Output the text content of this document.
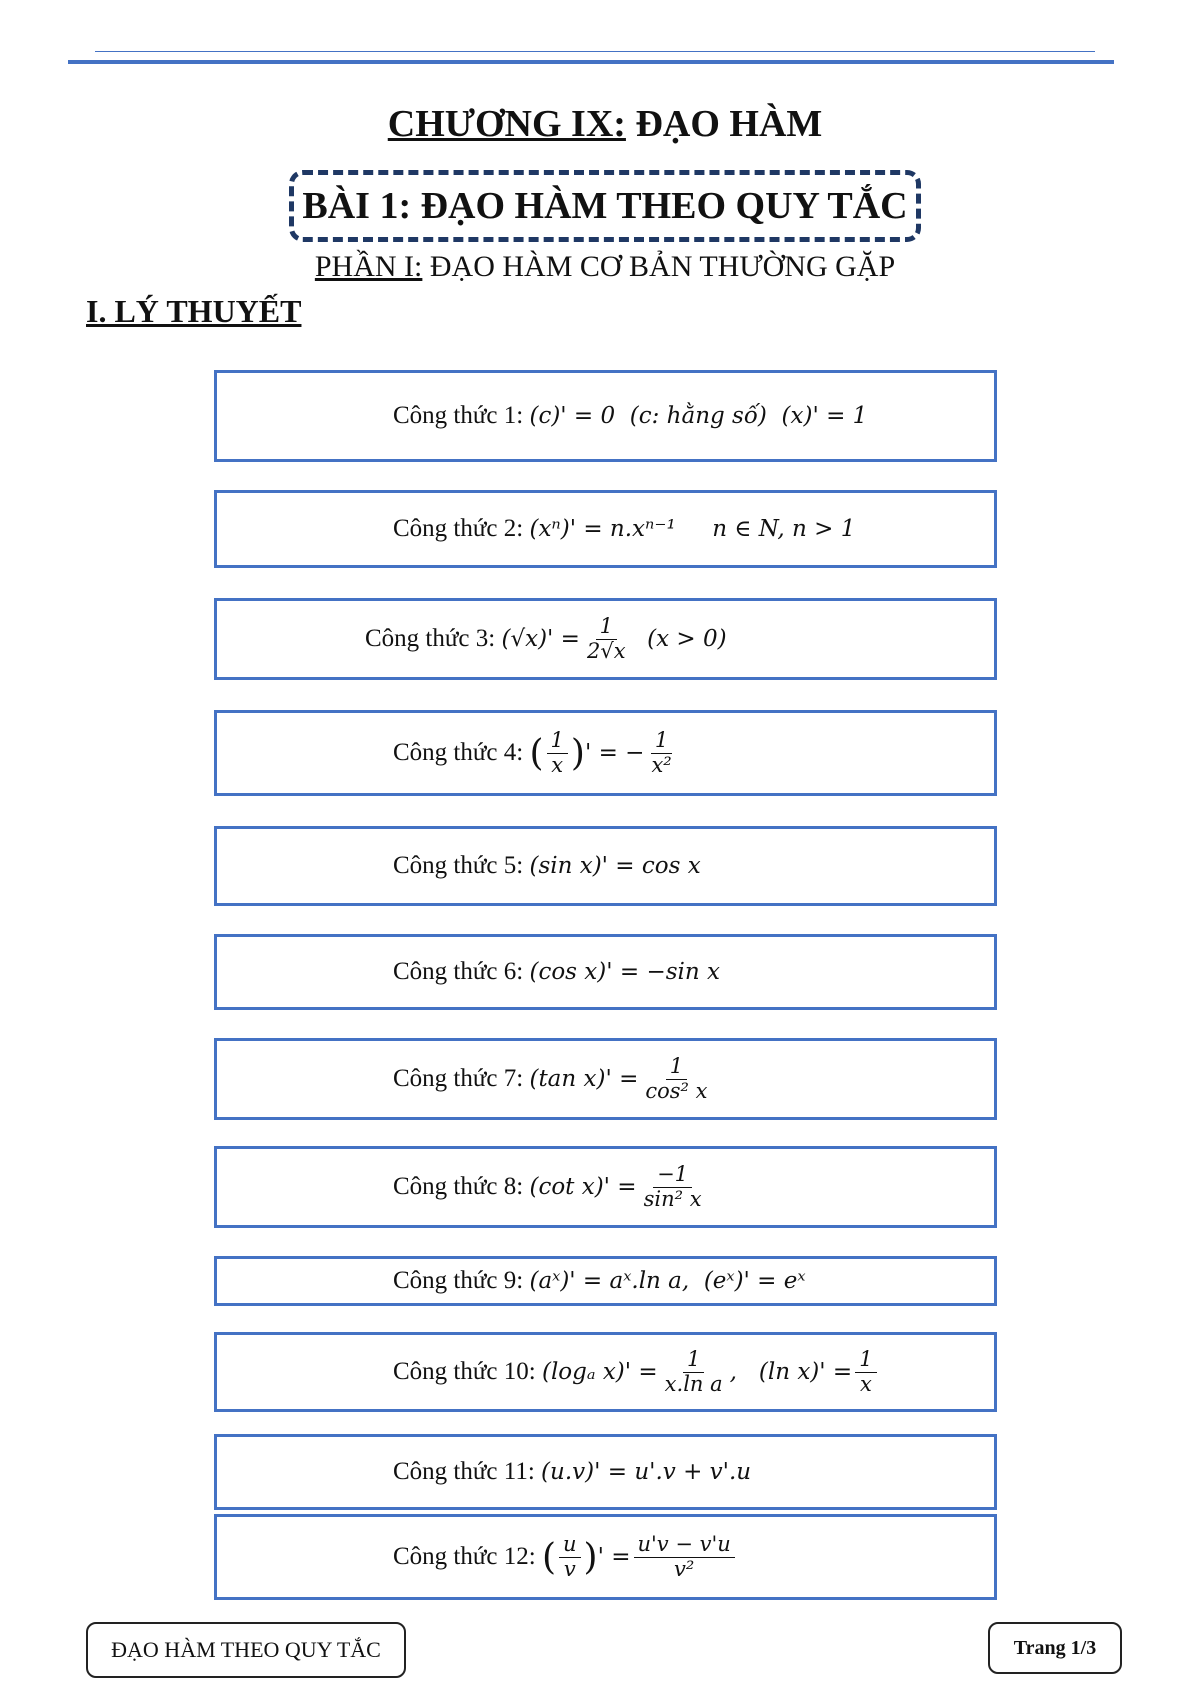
CHƯƠNG IX: ĐẠO HÀM
BÀI 1: ĐẠO HÀM THEO QUY TẮC
PHẦN I: ĐẠO HÀM CƠ BẢN THƯỜNG GẶP
I. LÝ THUYẾT
Công thức 1:
(c)' = 0  (c: hằng số)  (x)' = 1
Công thức 2:
(xⁿ)' = n.xⁿ⁻¹     n ∈ N, n > 1
Công thức 3:
$(√x)' = \frac{1}{2√x} (x > 0)$
Công thức 4:
( $\frac{1}{x}$ ) ' = − $\frac{1}{\text{x²}}$
Công thức 5:
(sin x)' = cos x
Công thức 6:
(cos x)' = −sin x
Công thức 7:
(tan $x)' = \frac{1}{\text{cos² x}}$
Công thức 8:
(cot $x)' = \frac{-1}{\text{sin² x}}$
Công thức 9:
(aˣ)' = aˣ.ln a,  (eˣ)' = eˣ
Công thức 10:
(logₐ $x)' = \frac{1}{\text{x.ln a}}$ ,   (ln $x)' = \frac{1}{x}$
Công thức 11:
(u.v)' = u'.v + v'.u
Công thức 12:
( $\frac{u}{v}$ ) ' = $\frac{u'v - v'u}{\text{v²}}$
ĐẠO HÀM THEO QUY TẮC	Trang 1/3
